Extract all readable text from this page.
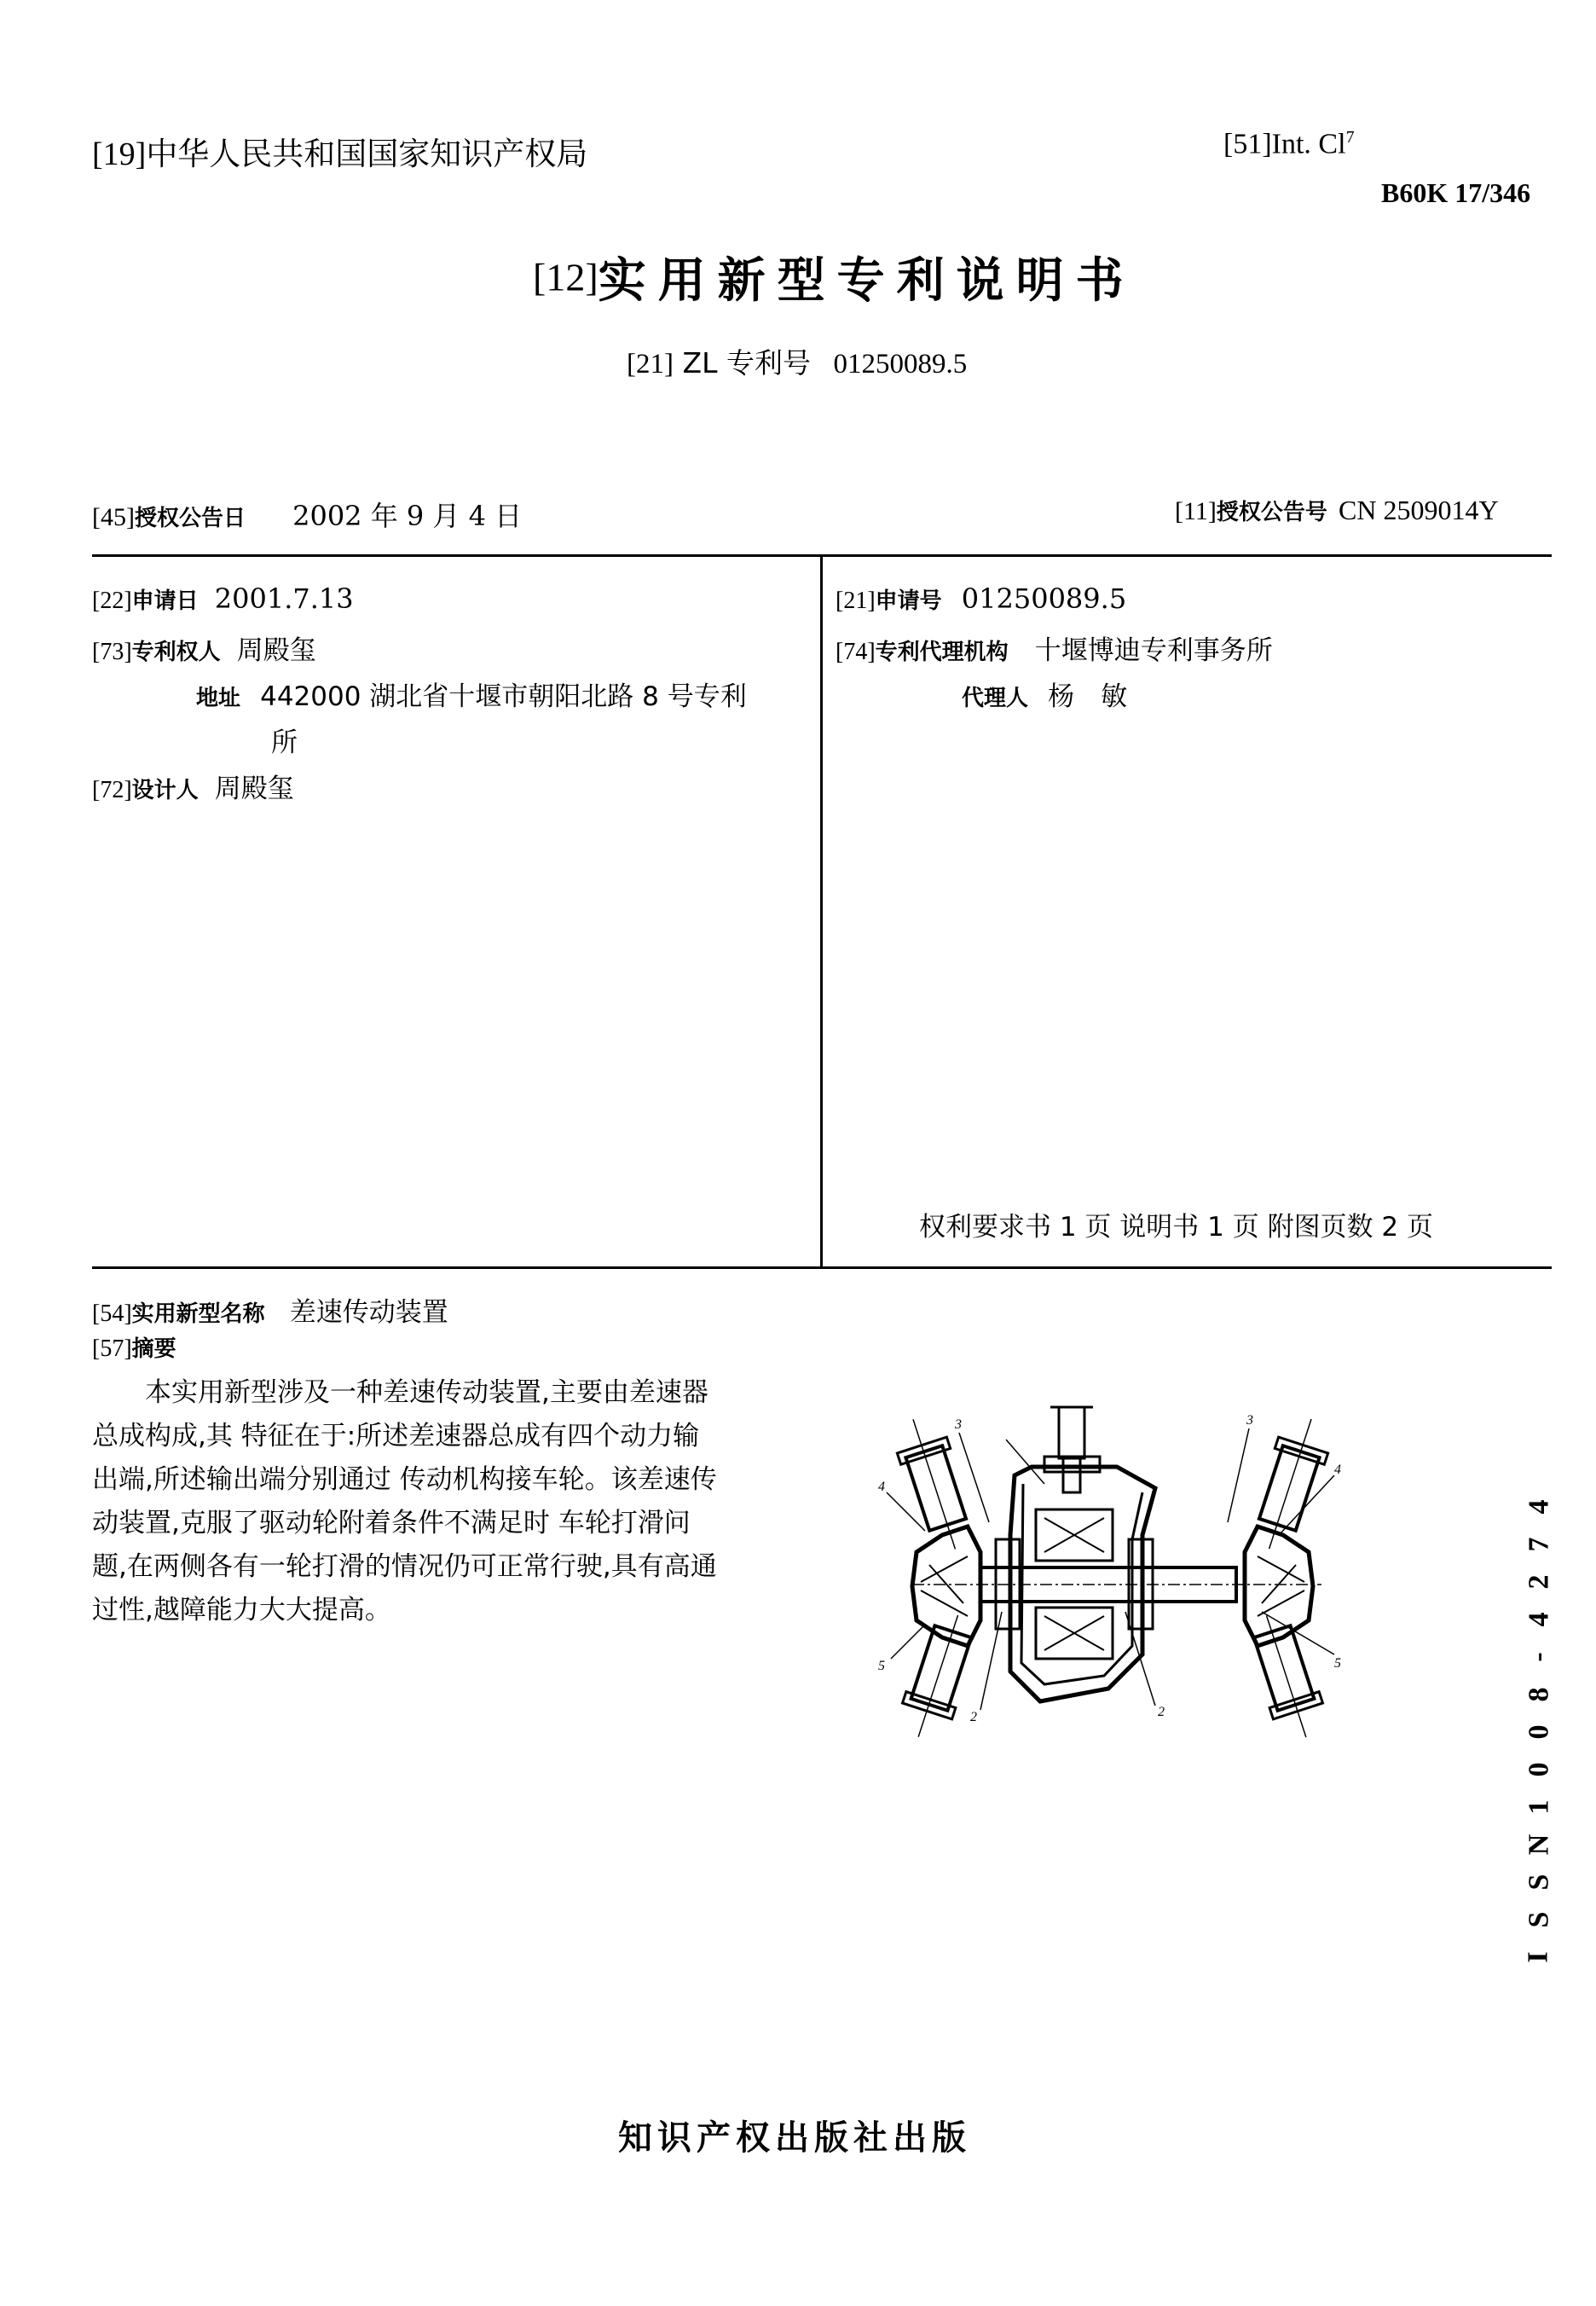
[19]中华人民共和国国家知识产权局	[51]Int. Cl$^7$
B60K 17/346
[12]实用新型专利说明书
[21] ZL 专利号 01250089.5
[45]授权公告日 2002 年 9 月 4 日	[11]授权公告号 CN 2509014Y
[22]申请日 2001.7.13
[73]专利权人 周殿玺
地址 442000 湖北省十堰市朝阳北路 8 号专利
所
[72]设计人 周殿玺
[21]申请号 01250089.5
[74]专利代理机构 十堰博迪专利事务所
代理人 杨　敏
权利要求书 1 页 说明书 1 页 附图页数 2 页
[54]实用新型名称 差速传动装置
[57]摘要
　　本实用新型涉及一种差速传动装置,主要由差速器
总成构成,其 特征在于:所述差速器总成有四个动力输
出端,所述输出端分别通过 传动机构接车轮。该差速传
动装置,克服了驱动轮附着条件不满足时 车轮打滑问
题,在两侧各有一轮打滑的情况仍可正常行驶,具有高通
过性,越障能力大大提高。
3	3
4
4
5	5
2	2
4
7
2
4
-
8
0
0
1
N
S
S
I
知识产权出版社出版
